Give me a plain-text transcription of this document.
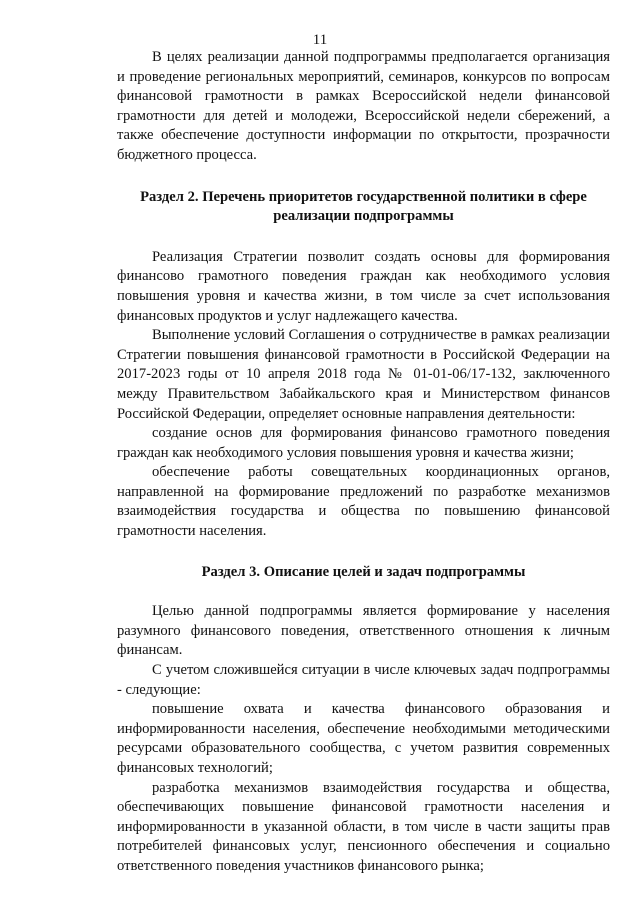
11

В целях реализации данной подпрограммы предполагается организация и проведение региональных мероприятий, семинаров, конкурсов по вопросам финансовой грамотности в рамках Всероссийской недели финансовой грамотности для детей и молодежи, Всероссийской недели сбережений, а также обеспечение доступности информации по открытости, прозрачности бюджетного процесса.

Раздел 2. Перечень приоритетов государственной политики в сфере реализации подпрограммы

Реализация Стратегии позволит создать основы для формирования финансово грамотного поведения граждан как необходимого условия повышения уровня и качества жизни, в том числе за счет использования финансовых продуктов и услуг надлежащего качества.

Выполнение условий Соглашения о сотрудничестве в рамках реализации Стратегии повышения финансовой грамотности в Российской Федерации на 2017-2023 годы от 10 апреля 2018 года № 01-01-06/17-132, заключенного между Правительством Забайкальского края и Министерством финансов Российской Федерации, определяет основные направления деятельности:

создание основ для формирования финансово грамотного поведения граждан как необходимого условия повышения уровня и качества жизни;

обеспечение работы совещательных координационных органов, направленной на формирование предложений по разработке механизмов взаимодействия государства и общества по повышению финансовой грамотности населения.

Раздел 3. Описание целей и задач подпрограммы

Целью данной подпрограммы является формирование у населения разумного финансового поведения, ответственного отношения к личным финансам.

С учетом сложившейся ситуации в числе ключевых задач подпрограммы - следующие:

повышение охвата и качества финансового образования и информированности населения, обеспечение необходимыми методическими ресурсами образовательного сообщества, с учетом развития современных финансовых технологий;

разработка механизмов взаимодействия государства и общества, обеспечивающих повышение финансовой грамотности населения и информированности в указанной области, в том числе в части защиты прав потребителей финансовых услуг, пенсионного обеспечения и социально ответственного поведения участников финансового рынка;
